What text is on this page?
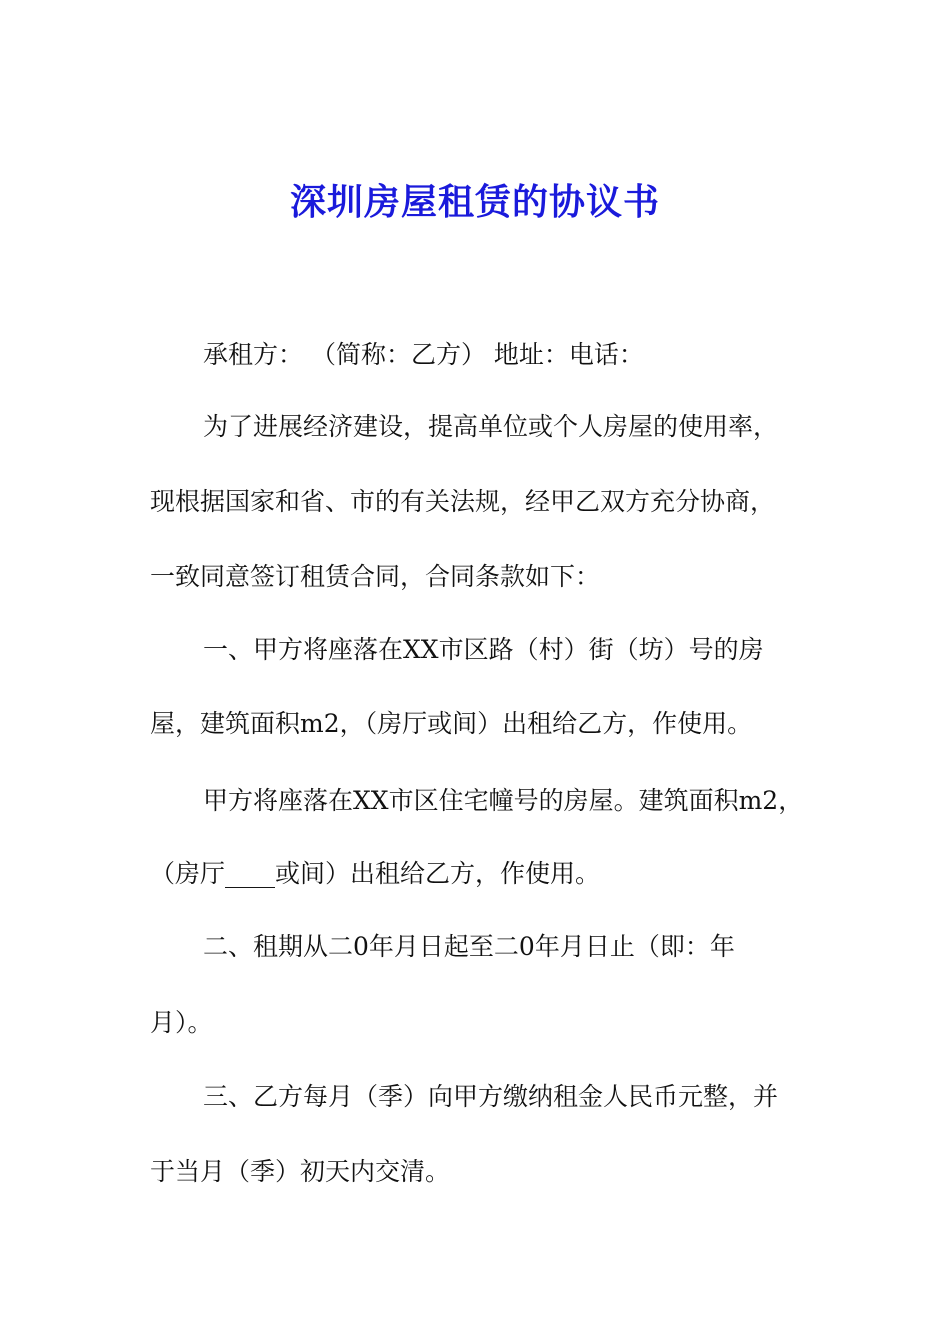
深圳房屋租赁的协议书
承租方： （简称：乙方） 地址：电话：
为了进展经济建设，提高单位或个人房屋的使用率，
现根据国家和省、市的有关法规，经甲乙双方充分协商，
一致同意签订租赁合同，合同条款如下：
一、甲方将座落在XX市区路（村）街（坊）号的房
屋，建筑面积m2，（房厅或间）出租给乙方，作使用。
甲方将座落在XX市区住宅幢号的房屋。建筑面积m2，
（房厅____或间）出租给乙方，作使用。
二、租期从二0年月日起至二0年月日止（即：年
月）。
三、乙方每月（季）向甲方缴纳租金人民币元整，并
于当月（季）初天内交清。
